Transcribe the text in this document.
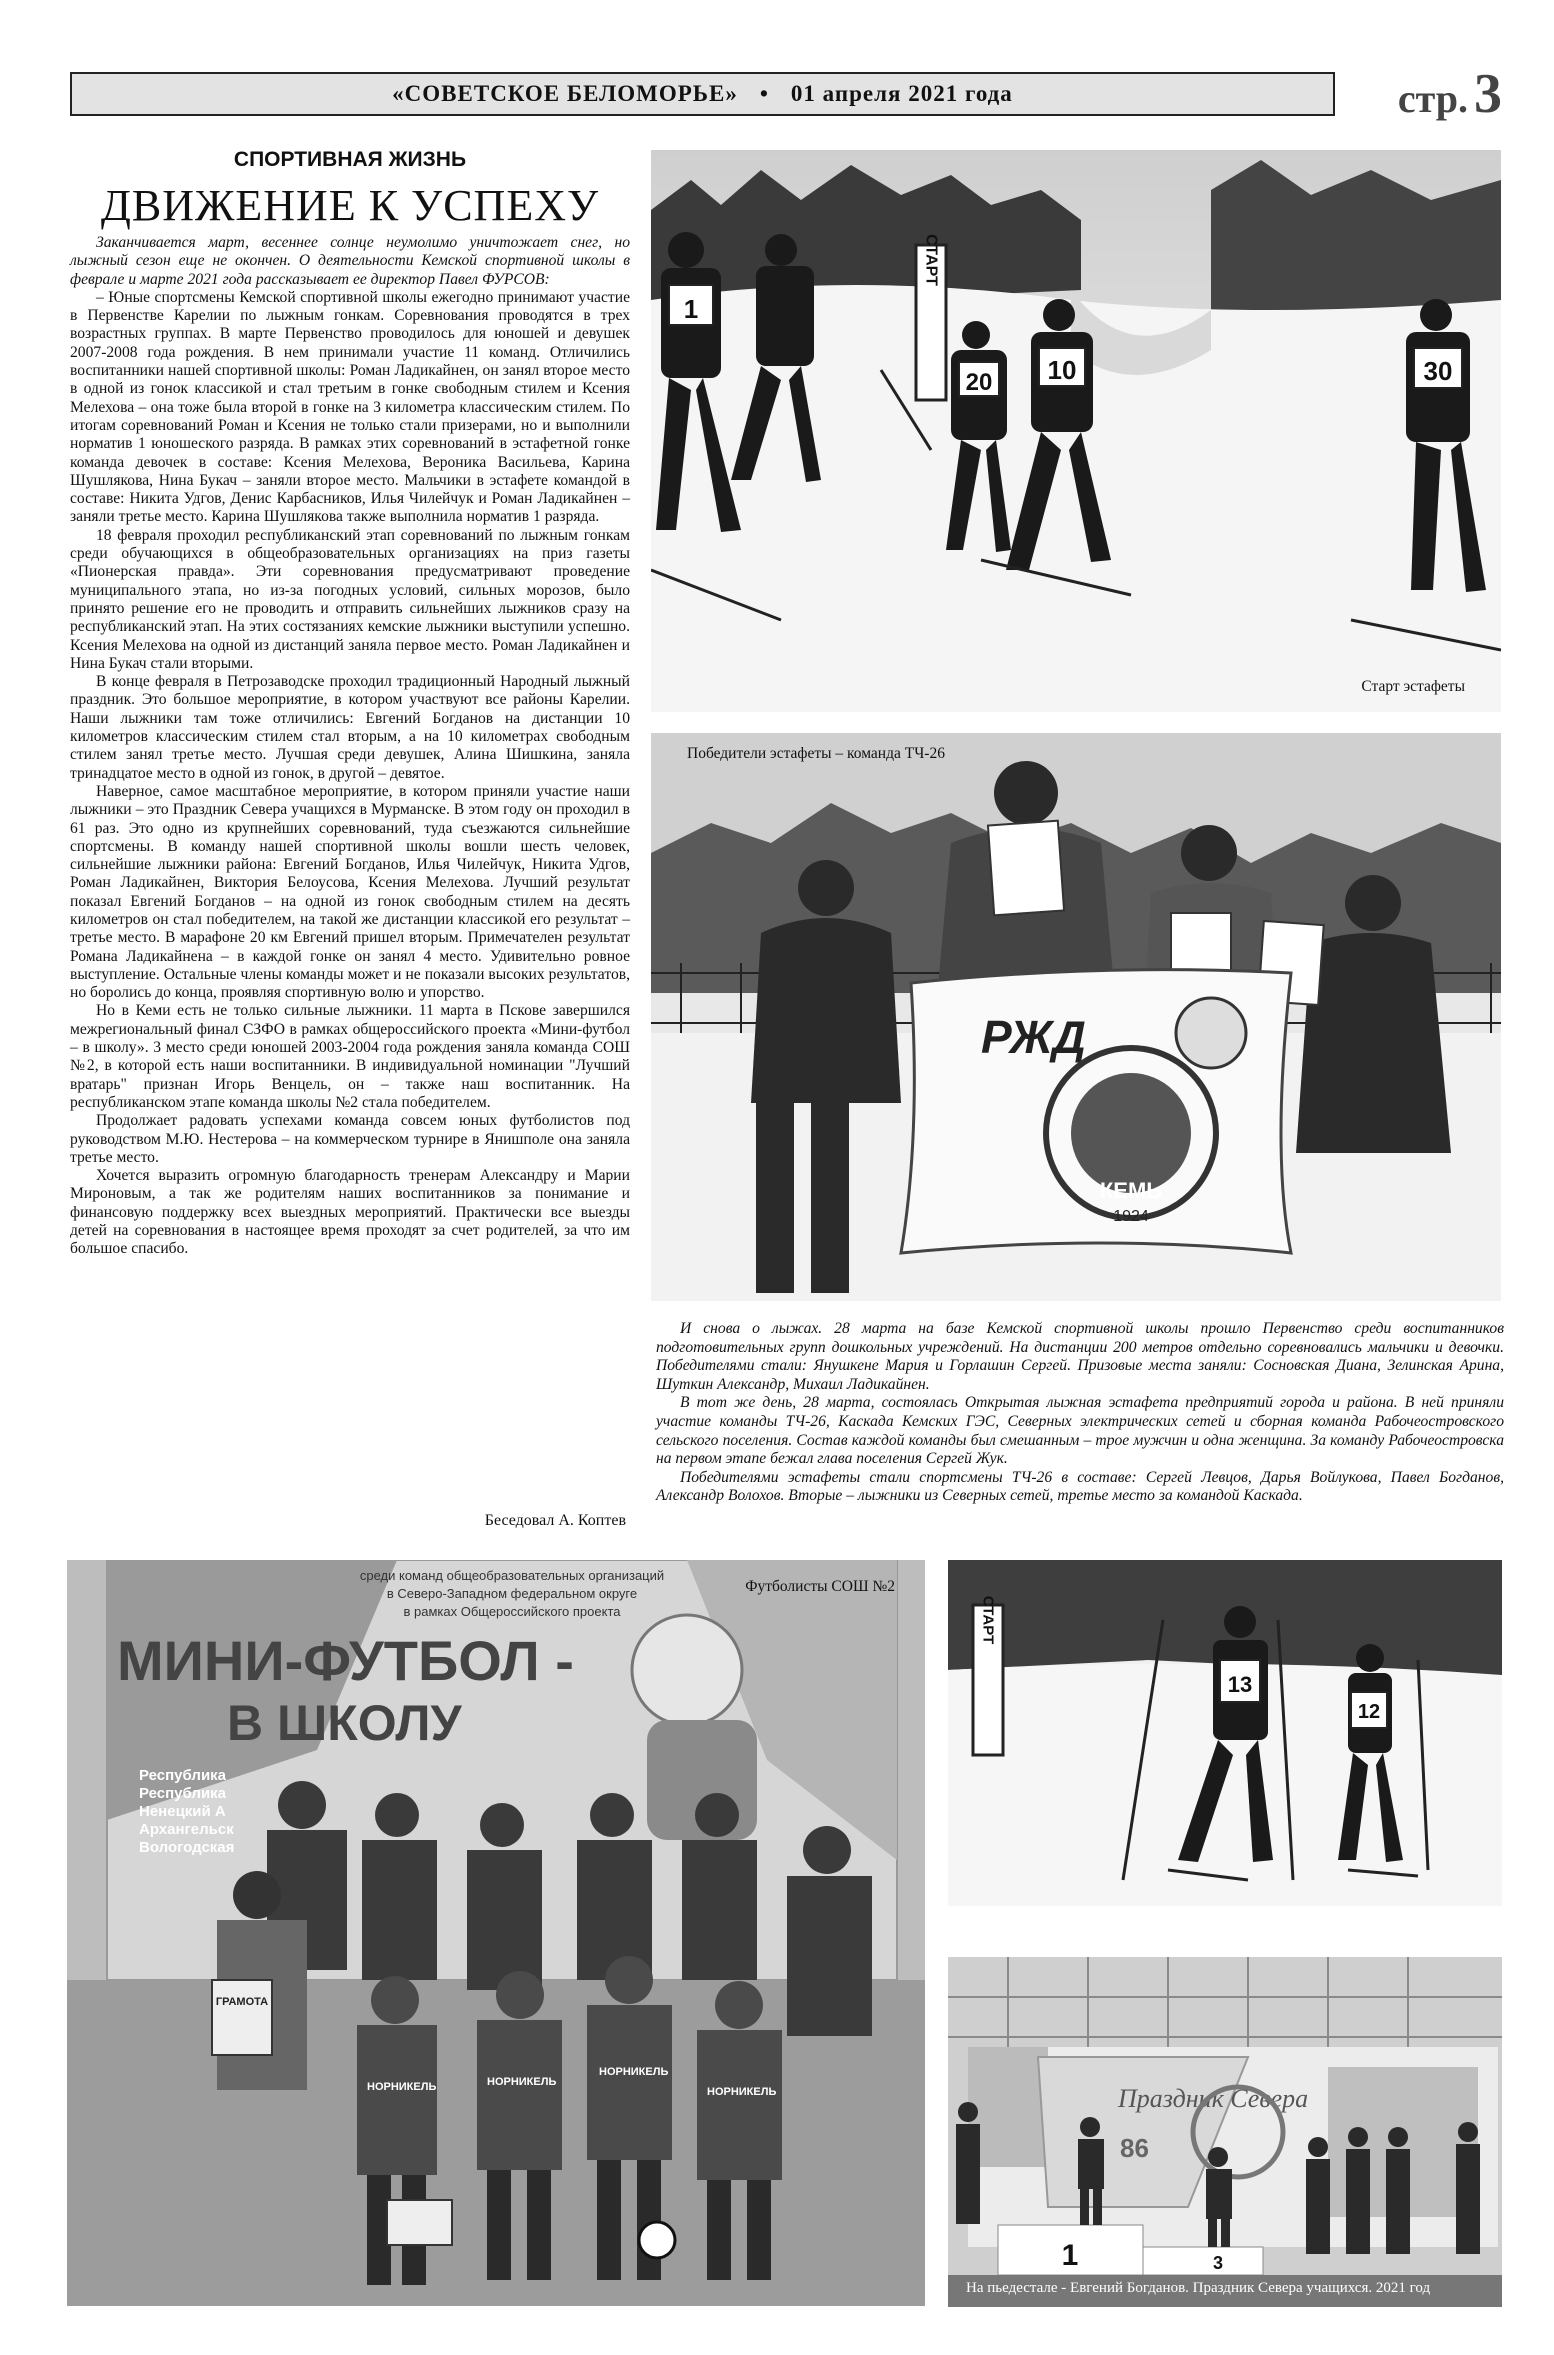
«СОВЕТСКОЕ БЕЛОМОРЬЕ» • 01 апреля 2021 года	стр. 3
СПОРТИВНАЯ ЖИЗНЬ
ДВИЖЕНИЕ К УСПЕХУ

Заканчивается март, весеннее солнце неумолимо уничтожает снег, но лыжный сезон еще не окончен. О деятельности Кемской спортивной школы в феврале и марте 2021 года рассказывает ее директор Павел ФУРСОВ:

– Юные спортсмены Кемской спортивной школы ежегодно принимают участие в Первенстве Карелии по лыжным гонкам. Соревнования проводятся в трех возрастных группах. В марте Первенство проводилось для юношей и девушек 2007-2008 года рождения. В нем принимали участие 11 команд. Отличились воспитанники нашей спортивной школы: Роман Ладикайнен, он занял второе место в одной из гонок классикой и стал третьим в гонке свободным стилем и Ксения Мелехова – она тоже была второй в гонке на 3 километра классическим стилем. По итогам соревнований Роман и Ксения не только стали призерами, но и выполнили норматив 1 юношеского разряда. В рамках этих соревнований в эстафетной гонке команда девочек в составе: Ксения Мелехова, Вероника Васильева, Карина Шушлякова, Нина Букач – заняли второе место. Мальчики в эстафете командой в составе: Никита Удгов, Денис Карбасников, Илья Чилейчук и Роман Ладикайнен – заняли третье место. Карина Шушлякова также выполнила норматив 1 разряда.

18 февраля проходил республиканский этап соревнований по лыжным гонкам среди обучающихся в общеобразовательных организациях на приз газеты «Пионерская правда». Эти соревнования предусматривают проведение муниципального этапа, но из-за погодных условий, сильных морозов, было принято решение его не проводить и отправить сильнейших лыжников сразу на республиканский этап. На этих состязаниях кемские лыжники выступили успешно. Ксения Мелехова на одной из дистанций заняла первое место. Роман Ладикайнен и Нина Букач стали вторыми.

В конце февраля в Петрозаводске проходил традиционный Народный лыжный праздник. Это большое мероприятие, в котором участвуют все районы Карелии. Наши лыжники там тоже отличились: Евгений Богданов на дистанции 10 километров классическим стилем стал вторым, а на 10 километрах свободным стилем занял третье место. Лучшая среди девушек, Алина Шишкина, заняла тринадцатое место в одной из гонок, в другой – девятое.

Наверное, самое масштабное мероприятие, в котором приняли участие наши лыжники – это Праздник Севера учащихся в Мурманске. В этом году он проходил в 61 раз. Это одно из крупнейших соревнований, туда съезжаются сильнейшие спортсмены. В команду нашей спортивной школы вошли шесть человек, сильнейшие лыжники района: Евгений Богданов, Илья Чилейчук, Никита Удгов, Роман Ладикайнен, Виктория Белоусова, Ксения Мелехова. Лучший результат показал Евгений Богданов – на одной из гонок свободным стилем на десять километров он стал победителем, на такой же дистанции классикой его результат – третье место. В марафоне 20 км Евгений пришел вторым. Примечателен результат Романа Ладикайнена – в каждой гонке он занял 4 место. Удивительно ровное выступление. Остальные члены команды может и не показали высоких результатов, но боролись до конца, проявляя спортивную волю и упорство.

Но в Кеми есть не только сильные лыжники. 11 марта в Пскове завершился межрегиональный финал СЗФО в рамках общероссийского проекта «Мини-футбол – в школу». 3 место среди юношей 2003-2004 года рождения заняла команда СОШ №2, в которой есть наши воспитанники. В индивидуальной номинации "Лучший вратарь" признан Игорь Венцель, он – также наш воспитанник. На республиканском этапе команда школы №2 стала победителем.

Продолжает радовать успехами команда совсем юных футболистов под руководством М.Ю. Нестерова – на коммерческом турнире в Янишполе она заняла третье место.

Хочется выразить огромную благодарность тренерам Александру и Марии Мироновым, а так же родителям наших воспитанников за понимание и финансовую поддержку всех выездных мероприятий. Практически все выезды детей на соревнования в настоящее время проходят за счет родителей, за что им большое спасибо.

Беседовал А. Коптев
СТАРТ
1
20 10	30
Старт эстафеты
РЖД
КЕМЬ
1924
Победители эстафеты – команда ТЧ-26

И снова о лыжах. 28 марта на базе Кемской спортивной школы прошло Первенство среди воспитанников подготовительных групп дошкольных учреждений. На дистанции 200 метров отдельно соревновались мальчики и девочки. Победителями стали: Янушкене Мария и Горлашин Сергей. Призовые места заняли: Сосновская Диана, Зелинская Арина, Шуткин Александр, Михаил Ладикайнен.

В тот же день, 28 марта, состоялась Открытая лыжная эстафета предприятий города и района. В ней приняли участие команды ТЧ-26, Каскада Кемских ГЭС, Северных электрических сетей и сборная команда Рабочеостровского сельского поселения. Состав каждой команды был смешанным – трое мужчин и одна женщина. За команду Рабочеостровска на первом этапе бежал глава поселения Сергей Жук.

Победителями эстафеты стали спортсмены ТЧ-26 в составе: Сергей Левцов, Дарья Войлукова, Павел Богданов, Александр Волохов. Вторые – лыжники из Северных сетей, третье место за командой Каскада.

среди команд общеобразовательных организаций
в Северо-Западном федеральном округе
в рамках Общероссийского проекта
МИНИ-ФУТБОЛ -
В ШКОЛУ
Республика
Республика
Ненецкий А
Архангельск
Вологодская
ГРАМОТА
НОРНИКЕЛЬ	НОРНИКЕЛЬ
НОРНИКЕЛЬ
НОРНИКЕЛЬ
Футболисты СОШ №2
СТАРТ
13
12
Праздник Севера
86
1	3
На пьедестале - Евгений Богданов. Праздник Севера учащихся. 2021 год
